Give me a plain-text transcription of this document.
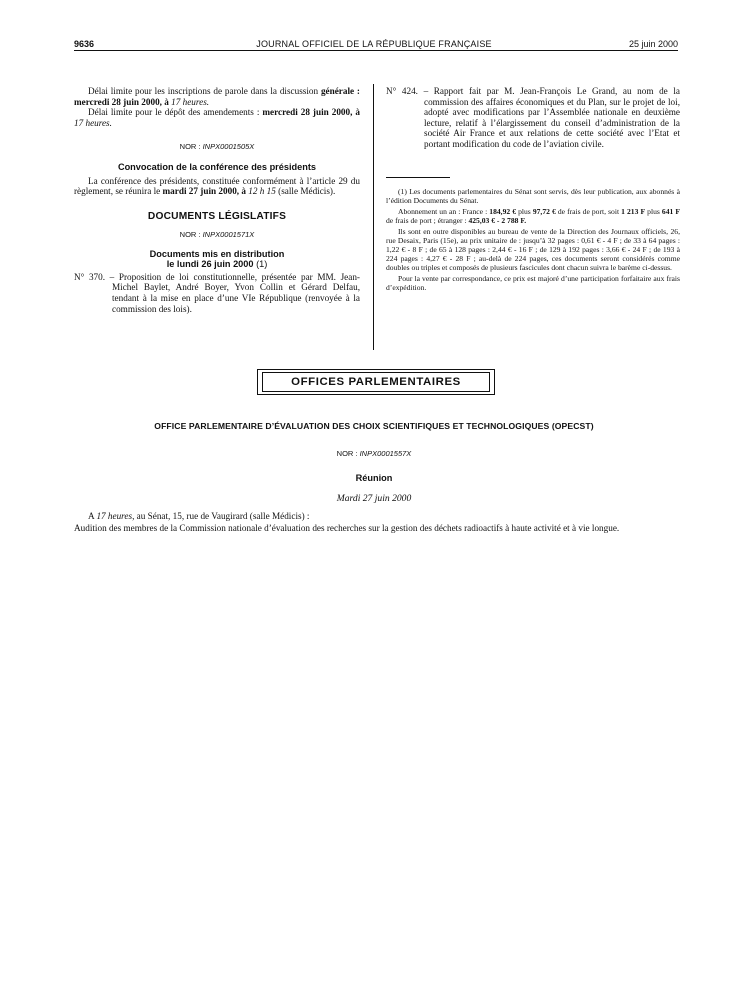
9636	JOURNAL OFFICIEL DE LA RÉPUBLIQUE FRANÇAISE	25 juin 2000

Délai limite pour les inscriptions de parole dans la discussion générale : mercredi 28 juin 2000, à 17 heures.

Délai limite pour le dépôt des amendements : mercredi 28 juin 2000, à 17 heures.

NOR : INPX0001505X
Convocation de la conférence des présidents

La conférence des présidents, constituée conformément à l’article 29 du règlement, se réunira le mardi 27 juin 2000, à 12 h 15 (salle Médicis).

DOCUMENTS LÉGISLATIFS
NOR : INPX0001571X
Documents mis en distribution
le lundi 26 juin 2000 (1)

N° 370. – Proposition de loi constitutionnelle, présentée par MM. Jean-Michel Baylet, André Boyer, Yvon Collin et Gérard Delfau, tendant à la mise en place d’une VIe République (renvoyée à la commission des lois).

N° 424. – Rapport fait par M. Jean-François Le Grand, au nom de la commission des affaires économiques et du Plan, sur le projet de loi, adopté avec modifications par l’Assemblée nationale en deuxième lecture, relatif à l’élargissement du conseil d’administration de la société Air France et aux relations de cette société avec l’Etat et portant modification du code de l’aviation civile.

(1) Les documents parlementaires du Sénat sont servis, dès leur publication, aux abonnés à l’édition Documents du Sénat.

Abonnement un an : France : 184,92 € plus 97,72 € de frais de port, soit 1 213 F plus 641 F de frais de port ; étranger : 425,03 € - 2 788 F.

Ils sont en outre disponibles au bureau de vente de la Direction des Journaux officiels, 26, rue Desaix, Paris (15e), au prix unitaire de : jusqu’à 32 pages : 0,61 € - 4 F ; de 33 à 64 pages : 1,22 € - 8 F ; de 65 à 128 pages : 2,44 € - 16 F ; de 129 à 192 pages : 3,66 € - 24 F ; de 193 à 224 pages : 4,27 € - 28 F ; au-delà de 224 pages, ces documents seront considérés comme doubles ou triples et composés de plusieurs fascicules dont chacun suivra le barème ci-dessus.

Pour la vente par correspondance, ce prix est majoré d’une participation forfaitaire aux frais d’expédition.

OFFICES PARLEMENTAIRES
OFFICE PARLEMENTAIRE D’ÉVALUATION DES CHOIX SCIENTIFIQUES ET TECHNOLOGIQUES (OPECST)
NOR : INPX0001557X
Réunion
Mardi 27 juin 2000

A 17 heures, au Sénat, 15, rue de Vaugirard (salle Médicis) :

Audition des membres de la Commission nationale d’évaluation des recherches sur la gestion des déchets radioactifs à haute activité et à vie longue.
